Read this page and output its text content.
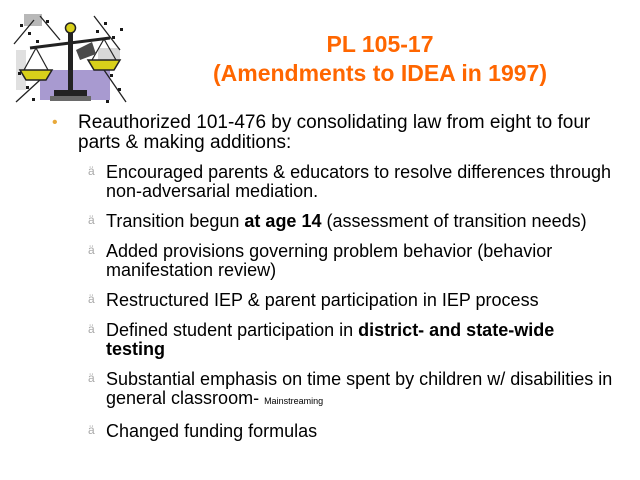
PL 105-17
(Amendments to IDEA in 1997)
• Reauthorized 101-476 by consolidating law from eight to four parts & making additions:
ä Encouraged parents & educators to resolve differences through non-adversarial mediation.
ä Transition begun at age 14 (assessment of transition needs)
ä Added provisions governing problem behavior (behavior manifestation review)
ä Restructured IEP & parent participation in IEP process
ä Defined student participation in district- and state-wide testing
ä Substantial emphasis on time spent by children w/ disabilities in general classroom- Mainstreaming
ä Changed funding formulas
